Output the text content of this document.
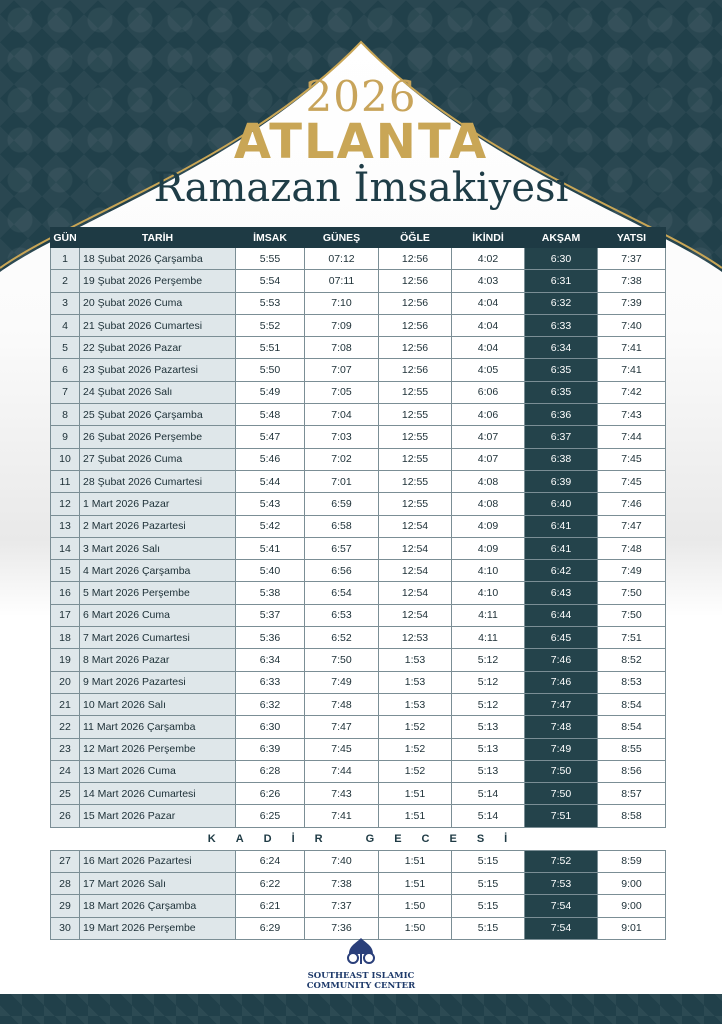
2026
ATLANTA
Ramazan İmsakiyesi
GÜN	TARİH	İMSAK	GÜNEŞ	ÖĞLE	İKİNDİ	AKŞAM	YATSI
1	18 Şubat 2026 Çarşamba	5:55	07:12	12:56	4:02	6:30	7:37
2	19 Şubat 2026 Perşembe	5:54	07:11	12:56	4:03	6:31	7:38
3	20 Şubat 2026 Cuma	5:53	7:10	12:56	4:04	6:32	7:39
4	21 Şubat 2026 Cumartesi	5:52	7:09	12:56	4:04	6:33	7:40
5	22 Şubat 2026 Pazar	5:51	7:08	12:56	4:04	6:34	7:41
6	23 Şubat 2026 Pazartesi	5:50	7:07	12:56	4:05	6:35	7:41
7	24 Şubat 2026 Salı	5:49	7:05	12:55	6:06	6:35	7:42
8	25 Şubat 2026 Çarşamba	5:48	7:04	12:55	4:06	6:36	7:43
9	26 Şubat 2026 Perşembe	5:47	7:03	12:55	4:07	6:37	7:44
10	27 Şubat 2026 Cuma	5:46	7:02	12:55	4:07	6:38	7:45
11	28 Şubat 2026 Cumartesi	5:44	7:01	12:55	4:08	6:39	7:45
12	1 Mart 2026 Pazar	5:43	6:59	12:55	4:08	6:40	7:46
13	2 Mart 2026 Pazartesi	5:42	6:58	12:54	4:09	6:41	7:47
14	3 Mart 2026 Salı	5:41	6:57	12:54	4:09	6:41	7:48
15	4 Mart 2026 Çarşamba	5:40	6:56	12:54	4:10	6:42	7:49
16	5 Mart 2026 Perşembe	5:38	6:54	12:54	4:10	6:43	7:50
17	6 Mart 2026 Cuma	5:37	6:53	12:54	4:11	6:44	7:50
18	7 Mart 2026 Cumartesi	5:36	6:52	12:53	4:11	6:45	7:51
19	8 Mart 2026 Pazar	6:34	7:50	1:53	5:12	7:46	8:52
20	9 Mart 2026 Pazartesi	6:33	7:49	1:53	5:12	7:46	8:53
21	10 Mart 2026 Salı	6:32	7:48	1:53	5:12	7:47	8:54
22	11 Mart 2026 Çarşamba	6:30	7:47	1:52	5:13	7:48	8:54
23	12 Mart 2026 Perşembe	6:39	7:45	1:52	5:13	7:49	8:55
24	13 Mart 2026 Cuma	6:28	7:44	1:52	5:13	7:50	8:56
25	14 Mart 2026 Cumartesi	6:26	7:43	1:51	5:14	7:50	8:57
26	15 Mart 2026 Pazar	6:25	7:41	1:51	5:14	7:51	8:58
KADİR GECESİ
27	16 Mart 2026 Pazartesi	6:24	7:40	1:51	5:15	7:52	8:59
28	17 Mart 2026 Salı	6:22	7:38	1:51	5:15	7:53	9:00
29	18 Mart 2026 Çarşamba	6:21	7:37	1:50	5:15	7:54	9:00
30	19 Mart 2026 Perşembe	6:29	7:36	1:50	5:15	7:54	9:01
SOUTHEAST ISLAMIC
COMMUNITY CENTER
